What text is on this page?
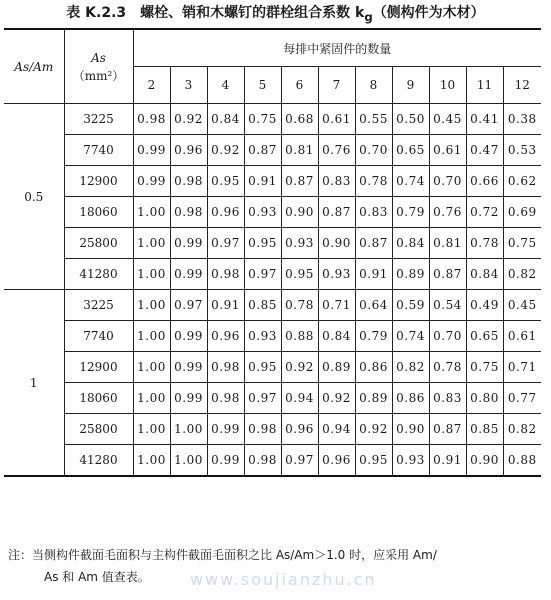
表 K.2.3 螺栓、销和木螺钉的群栓组合系数 $k_g$（侧构件为木材）
As/Am	As
（mm²）	每排中紧固件的数量										
		2	3	4	5	6	7	8	9	10	11	12
0.5	3225	0.98	0.92	0.84	0.75	0.68	0.61	0.55	0.50	0.45	0.41	0.38
	7740	0.99	0.96	0.92	0.87	0.81	0.76	0.70	0.65	0.61	0.47	0.53
	12900	0.99	0.98	0.95	0.91	0.87	0.83	0.78	0.74	0.70	0.66	0.62
	18060	1.00	0.98	0.96	0.93	0.90	0.87	0.83	0.79	0.76	0.72	0.69
	25800	1.00	0.99	0.97	0.95	0.93	0.90	0.87	0.84	0.81	0.78	0.75
	41280	1.00	0.99	0.98	0.97	0.95	0.93	0.91	0.89	0.87	0.84	0.82
1	3225	1.00	0.97	0.91	0.85	0.78	0.71	0.64	0.59	0.54	0.49	0.45
	7740	1.00	0.99	0.96	0.93	0.88	0.84	0.79	0.74	0.70	0.65	0.61
	12900	1.00	0.99	0.98	0.95	0.92	0.89	0.86	0.82	0.78	0.75	0.71
	18060	1.00	0.99	0.98	0.97	0.94	0.92	0.89	0.86	0.83	0.80	0.77
	25800	1.00	1.00	0.99	0.98	0.96	0.94	0.92	0.90	0.87	0.85	0.82
	41280	1.00	1.00	0.99	0.98	0.97	0.96	0.95	0.93	0.91	0.90	0.88
注：当侧构件截面毛面积与主构件截面毛面积之比 As/Am＞1.0 时，应采用 Am/
As 和 Am 值查表。	www.soujianzhu.cn
